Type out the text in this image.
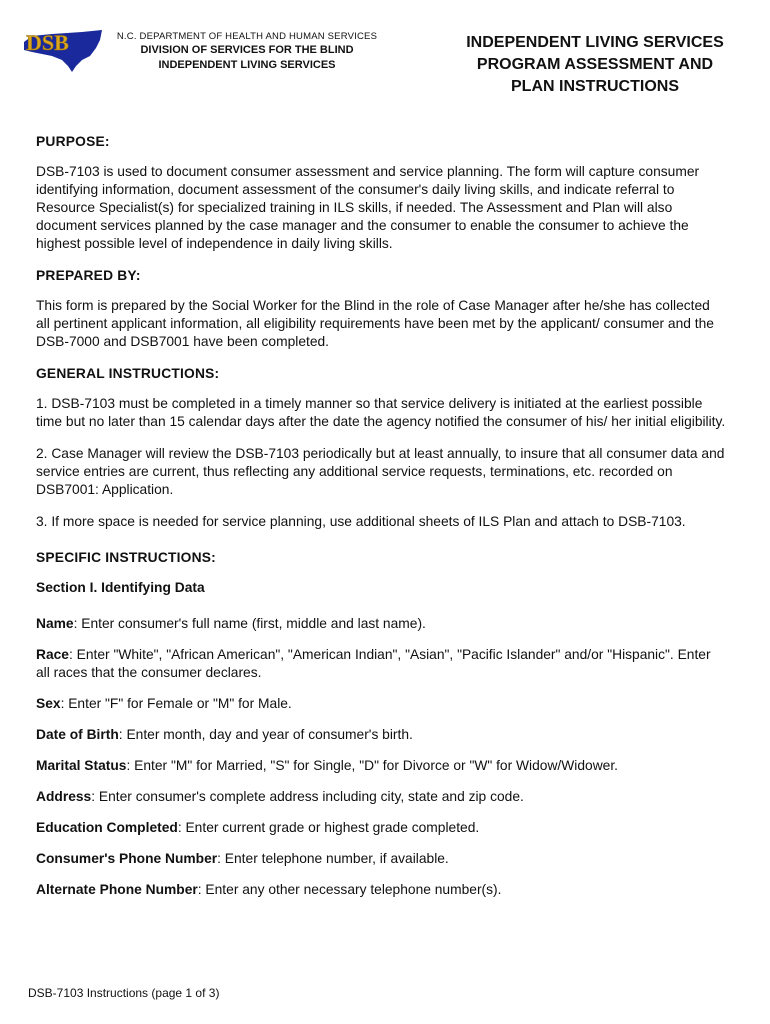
DSB	N.C. DEPARTMENT OF HEALTH AND HUMAN SERVICES
DIVISION OF SERVICES FOR THE BLIND
INDEPENDENT LIVING SERVICES
INDEPENDENT LIVING SERVICES
PROGRAM ASSESSMENT AND
PLAN INSTRUCTIONS
PURPOSE:

DSB-7103 is used to document consumer assessment and service planning. The form will capture consumer identifying information, document assessment of the consumer's daily living skills, and indicate referral to Resource Specialist(s) for specialized training in ILS skills, if needed. The Assessment and Plan will also document services planned by the case manager and the consumer to enable the consumer to achieve the highest possible level of independence in daily living skills.

PREPARED BY:

This form is prepared by the Social Worker for the Blind in the role of Case Manager after he/she has collected all pertinent applicant information, all eligibility requirements have been met by the applicant/ consumer and the DSB-7000 and DSB7001 have been completed.

GENERAL INSTRUCTIONS:

1. DSB-7103 must be completed in a timely manner so that service delivery is initiated at the earliest possible time but no later than 15 calendar days after the date the agency notified the consumer of his/ her initial eligibility.

2. Case Manager will review the DSB-7103 periodically but at least annually, to insure that all consumer data and service entries are current, thus reflecting any additional service requests, terminations, etc. recorded on DSB7001: Application.

3. If more space is needed for service planning, use additional sheets of ILS Plan and attach to DSB-7103.

SPECIFIC INSTRUCTIONS:
Section I. Identifying Data
Name: Enter consumer's full name (first, middle and last name).
Race: Enter "White", "African American", "American Indian", "Asian", "Pacific Islander" and/or "Hispanic". Enter all races that the consumer declares.
Sex: Enter "F" for Female or "M" for Male.
Date of Birth: Enter month, day and year of consumer's birth.
Marital Status: Enter "M" for Married, "S" for Single, "D" for Divorce or "W" for Widow/Widower.
Address: Enter consumer's complete address including city, state and zip code.
Education Completed: Enter current grade or highest grade completed.
Consumer's Phone Number: Enter telephone number, if available.
Alternate Phone Number: Enter any other necessary telephone number(s).
DSB-7103 Instructions (page 1 of 3)
